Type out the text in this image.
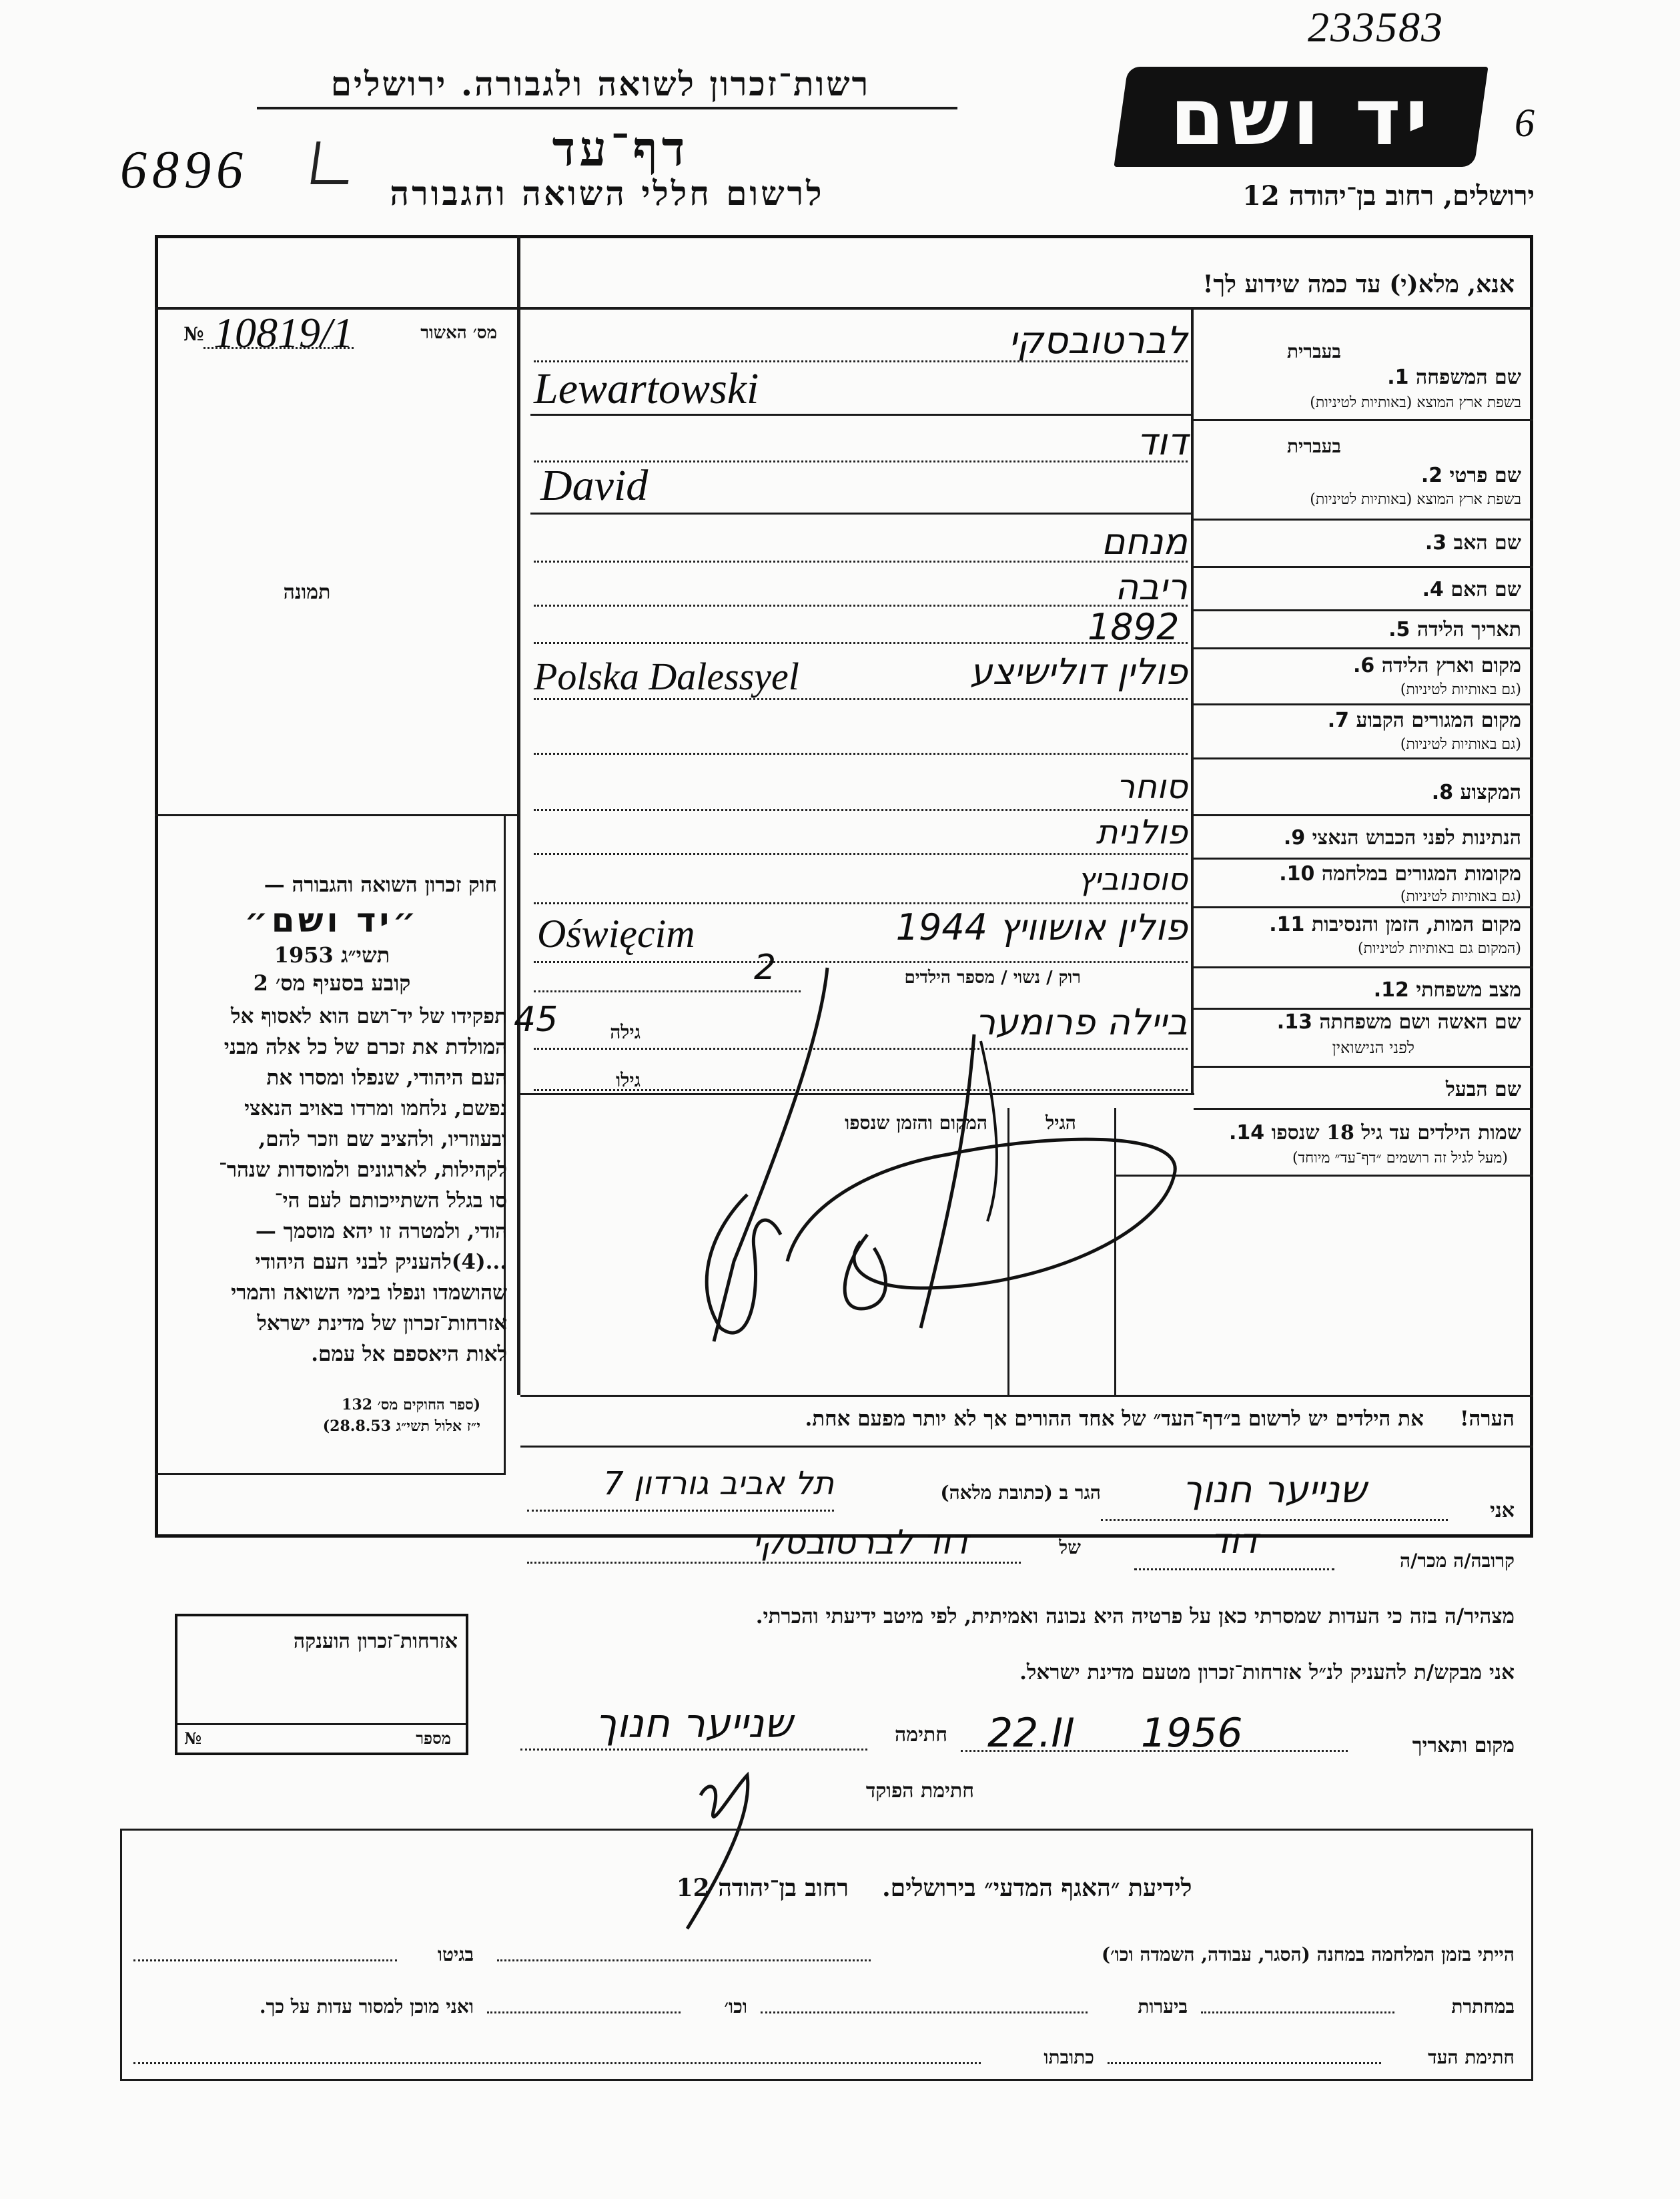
233583
6
רשות־זכרון לשואה ולגבורה. ירושלים
דף־עד
לרשום חללי השואה והגבורה
6896
יד ושם
ירושלים, רחוב בן־יהודה 12
אנא, מלא(י) עד כמה שידוע לך!
מס׳ האשור
№ 10819/1
תמונה
חוק זכרון השואה והגבורה —
״יד ושם״
תשי״ג 1953
קובע בסעיף מס׳ 2
תפקידו של יד־ושם הוא לאסוף אל
המולדת את זכרם של כל אלה מבני
העם היהודי, שנפלו ומסרו את
נפשם, נלחמו ומרדו באויב הנאצי
ובעוזריו, ולהציב שם וזכר להם,
לקהילות, לארגונים ולמוסדות שנהר־
סו בגלל השתייכותם לעם הי־
הודי, ולמטרה זו יהא מוסמך —
...(4)להעניק לבני העם היהודי
שהושמדו ונפלו בימי השואה והמרי
אזרחות־זכרון של מדינת ישראל
לאות היאספם אל עמם.
(ספר החוקים מס׳ 132
י״ז אלול תשי״ג 28.8.53)
בעברית
שם המשפחה 1.
בשפת ארץ המוצא (באותיות לטיניות)
לברטובסקי
Lewartowski
בעברית
שם פרטי 2.
בשפת ארץ המוצא (באותיות לטיניות)
דוד
David
שם האב 3.
מנחם
שם האם 4.
ריבה
תאריך הלידה 5.
1892
מקום וארץ הלידה 6.
(גם באותיות לטיניות)
Polska Dalessyel	פולין דולישיצע
מקום המגורים הקבוע 7.
(גם באותיות לטיניות)
המקצוע 8.
סוחר
הנתינות לפני הכבוש הנאצי 9.
פולנית
מקומות המגורים במלחמה 10.
(גם באותיות לטיניות)
סוסנוביץ
מקום המות, הזמן והנסיבות 11.
(המקום גם באותיות לטיניות)
Oświęcim	פולין אושוויץ 1944
מצב משפחתי 12.
רוק / נשוי / מספר הילדים
2
שם האשה ושם משפחתה 13.
לפני הנישואין
גילה
45	ביילה פרומער
שם הבעל
גילו
שמות הילדים עד גיל 18 שנספו 14.
(מעל לגיל זה רושמים ״דף־עד״ מיוחד)
הגיל
המקום והזמן שנספו
הערה!     את הילדים יש לרשום ב״דף־העד״ של אחד ההורים אך לא יותר מפעם אחת.
אני
שנייער חנוך
הגר ב (כתובת מלאה)
תל אביב גורדון 7
קרובה/ה מכר/ה
דוד
של
דוד לברטובסקי
מצהיר/ה בזה כי העדות שמסרתי כאן על פרטיה היא נכונה ואמיתית, לפי מיטב ידיעתי והכרתי.
אזרחות־זכרון הוענקה
№	מספר
אני מבקש/ת להעניק לנ״ל אזרחות־זכרון מטעם מדינת ישראל.
מקום ותאריך
22.II 1956
חתימה
שנייער חנוך
חתימת הפוקד
לידיעת ״האגף המדעי״ בירושלים.    רחוב בן־יהודה 12
הייתי בזמן המלחמה במחנה (הסגר, עבודה, השמדה וכו׳)
בגיטו
במחתרת
ביערות
וכו׳
ואני מוכן למסור עדות על כך.
חתימת העד
כתובתו
